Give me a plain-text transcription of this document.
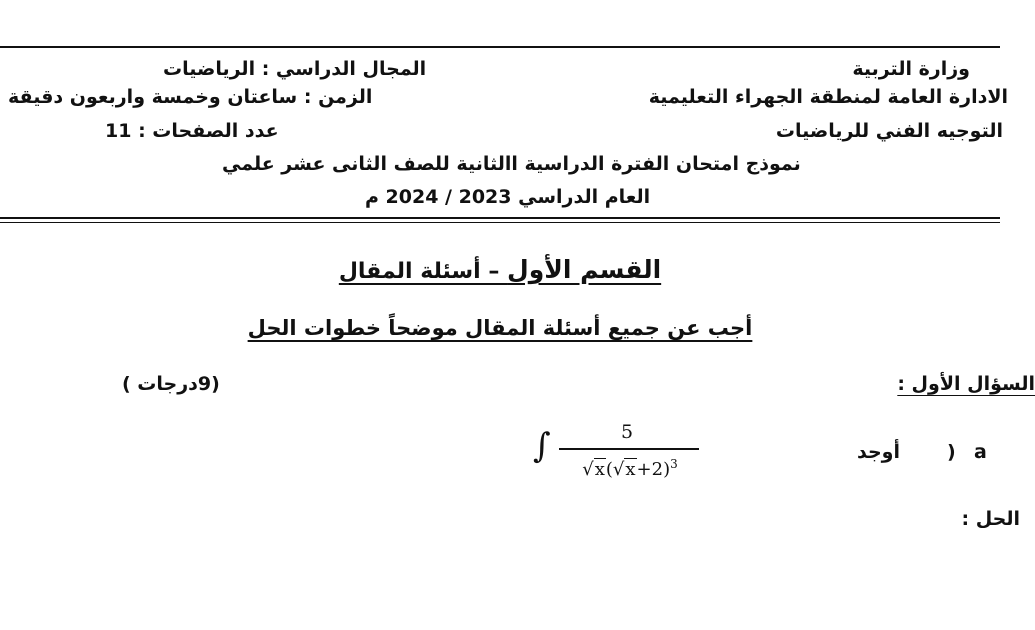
وزارة التربية
الادارة العامة لمنطقة الجهراء التعليمية
التوجيه الفني للرياضيات
المجال الدراسي : الرياضيات
الزمن : ساعتان وخمسة واربعون دقيقة
عدد الصفحات : 11
نموذج امتحان الفترة الدراسية االثانية للصف الثانى عشر علمي
العام الدراسي 2023 / 2024 م
القسم الأول – أسئلة المقال
أجب عن جميع أسئلة المقال موضحاً خطوات الحل
السؤال الأول :
(9درجات )
a
)
أوجد
∫	5
$√x(√x+2)^3$
الحل :
